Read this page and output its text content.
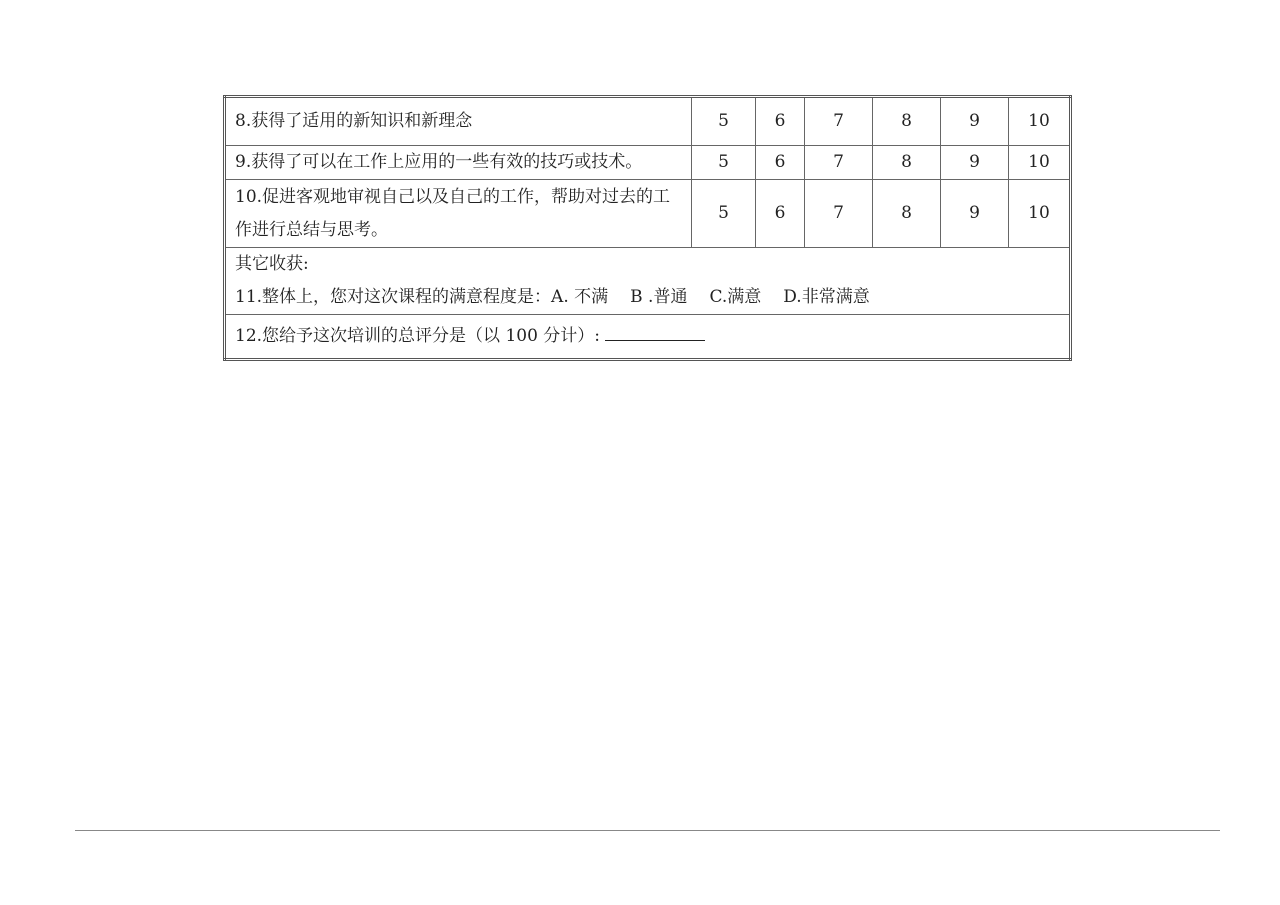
8.获得了适用的新知识和新理念	5	6	7	8	9	10
9.获得了可以在工作上应用的一些有效的技巧或技术。	5	6	7	8	9	10
10.促进客观地审视自己以及自己的工作，帮助对过去的工作进行总结与思考。	5	6	7	8	9	10

其它收获:
11.整体上，您对这次课程的满意程度是：A. 不满 B .普通 C.满意 D.非常满意						

12.您给予这次培训的总评分是（以 100 分计）:						
